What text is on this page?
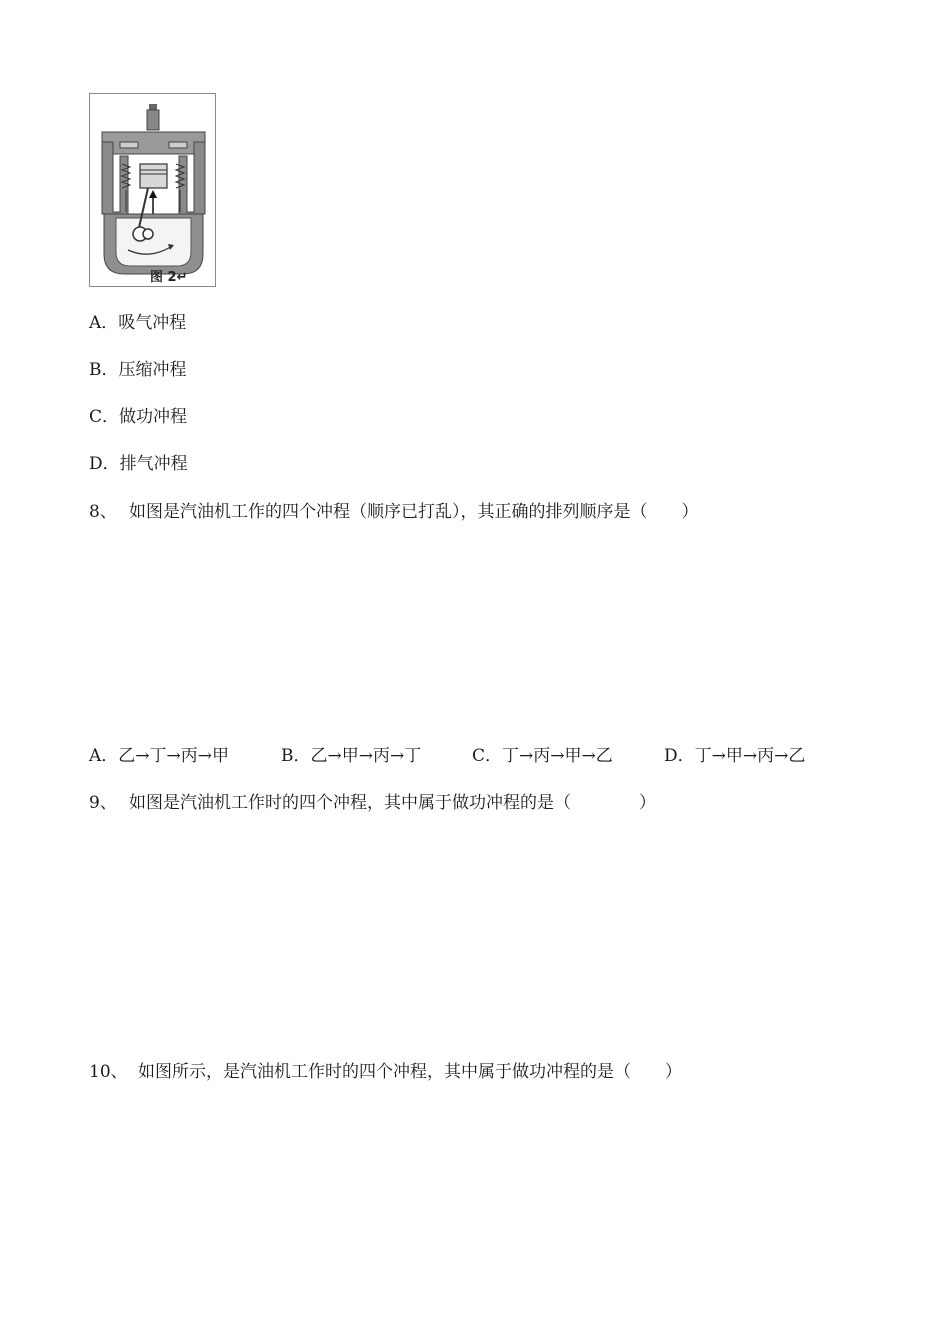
图 2↵
A．吸气冲程
B．压缩冲程
C．做功冲程
D．排气冲程
8、 如图是汽油机工作的四个冲程（顺序已打乱），其正确的排列顺序是（　　）
A．乙→丁→丙→甲	B．乙→甲→丙→丁	C．丁→丙→甲→乙	D．丁→甲→丙→乙
9、 如图是汽油机工作时的四个冲程，其中属于做功冲程的是（　　　　）
10、 如图所示，是汽油机工作时的四个冲程，其中属于做功冲程的是（　　）
